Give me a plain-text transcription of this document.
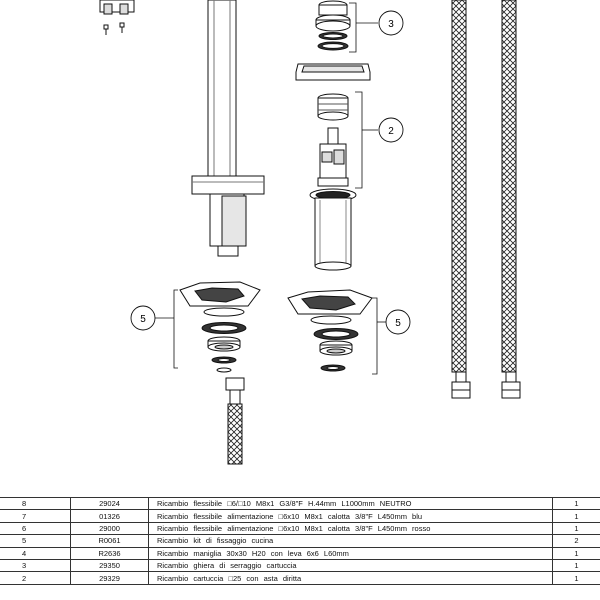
3
2
5	5
8	29024	Ricambio flessibile □6/□10 M8x1 G3/8"F H.44mm L1000mm NEUTRO	1
7	01326	Ricambio flessibile alimentazione □6x10 M8x1 calotta 3/8"F L450mm blu	1
6	29000	Ricambio flessibile alimentazione □6x10 M8x1 calotta 3/8"F L450mm rosso	1
5	R0061	Ricambio kit di fissaggio cucina	2
4	R2636	Ricambio maniglia 30x30 H20 con leva 6x6 L60mm	1
3	29350	Ricambio ghiera di serraggio cartuccia	1
2	29329	Ricambio cartuccia □25 con asta diritta	1
